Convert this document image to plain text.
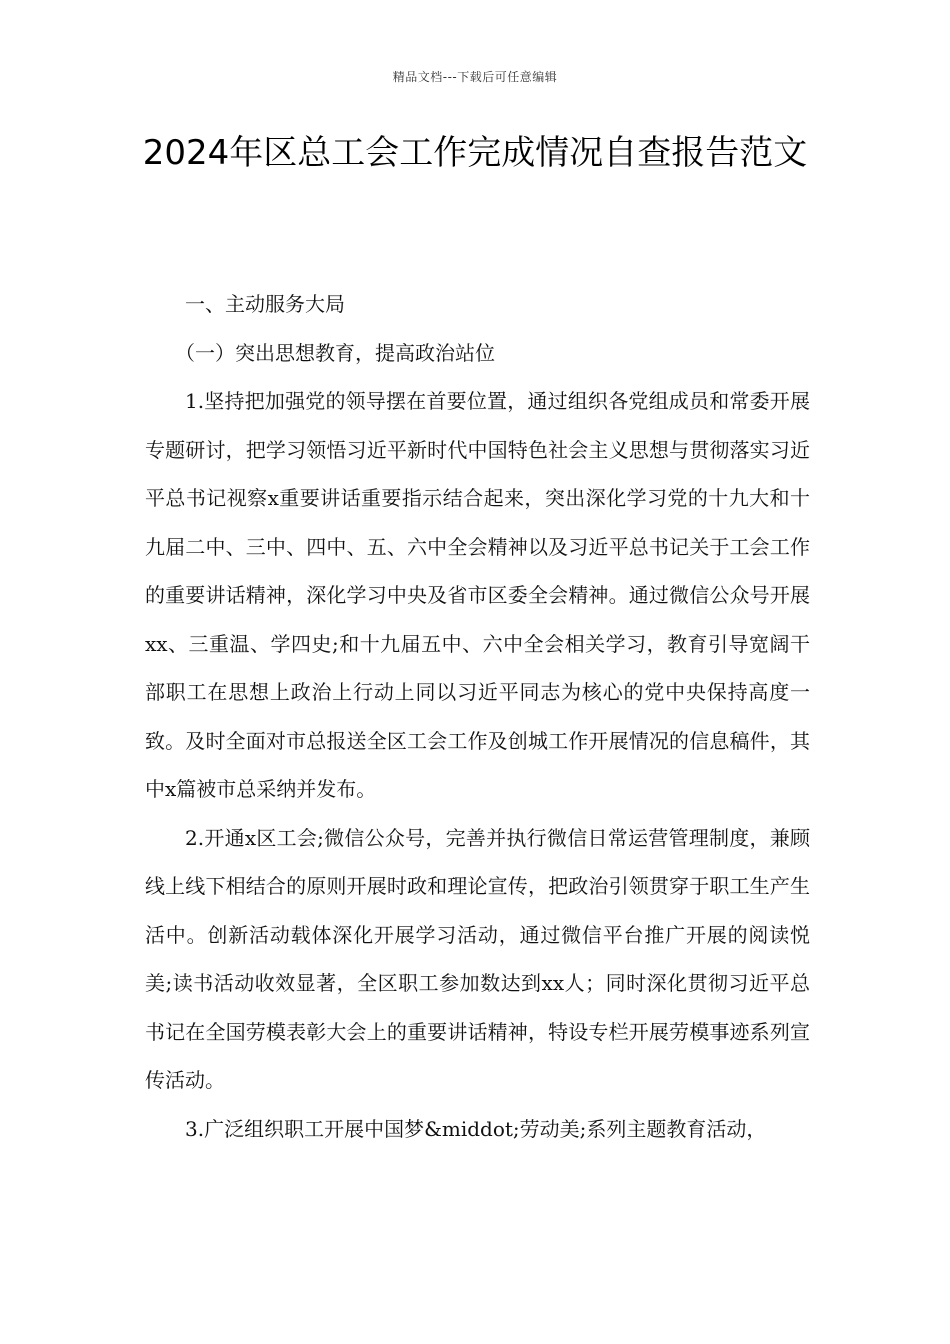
精品文档---下载后可任意编辑
2024年区总工会工作完成情况自查报告范文

一、主动服务大局

（一）突出思想教育，提高政治站位

1.坚持把加强党的领导摆在首要位置，通过组织各党组成员和常委开展专题研讨，把学习领悟习近平新时代中国特色社会主义思想与贯彻落实习近平总书记视察x重要讲话重要指示结合起来，突出深化学习党的十九大和十九届二中、三中、四中、五、六中全会精神以及习近平总书记关于工会工作的重要讲话精神，深化学习中央及省市区委全会精神。通过微信公众号开展xx、三重温、学四史;和十九届五中、六中全会相关学习，教育引导宽阔干部职工在思想上政治上行动上同以习近平同志为核心的党中央保持高度一致。及时全面对市总报送全区工会工作及创城工作开展情况的信息稿件，其中x篇被市总采纳并发布。

2.开通x区工会;微信公众号，完善并执行微信日常运营管理制度，兼顾线上线下相结合的原则开展时政和理论宣传，把政治引领贯穿于职工生产生活中。创新活动载体深化开展学习活动，通过微信平台推广开展的阅读悦美;读书活动收效显著，全区职工参加数达到xx人；同时深化贯彻习近平总书记在全国劳模表彰大会上的重要讲话精神，特设专栏开展劳模事迹系列宣传活动。

3.广泛组织职工开展中国梦&middot;劳动美;系列主题教育活动，
